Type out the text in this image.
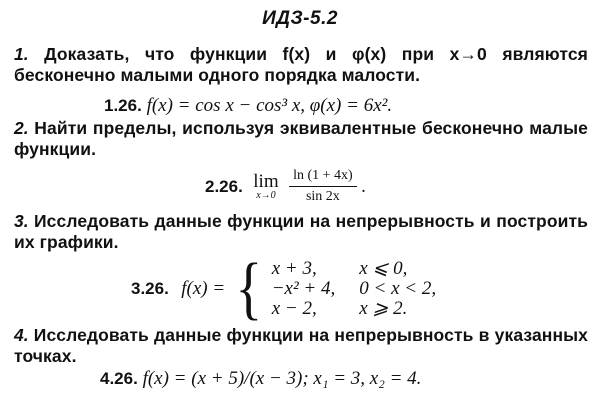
ИДЗ-5.2
1. Доказать, что функции f(x) и φ(x) при x→0 являются бесконечно малыми одного порядка малости.
1.26. f(x) = cos x − cos³ x, φ(x) = 6x².
2. Найти пределы, используя эквивалентные бесконечно малые функции.
2.26. lim
x→0
$\frac{\ln (1 + 4x)}{\sin 2x}$ .
3. Исследовать данные функции на непрерывность и построить их графики.
3.26. f(x) = { x + 3,	x ⩽ 0,
−x² + 4,	0 < x < 2,
x − 2,	x ⩾ 2.
4. Исследовать данные функции на непрерывность в указанных точках.
4.26. f(x) = (x + 5)/(x − 3); x₁ = 3, x₂ = 4.
